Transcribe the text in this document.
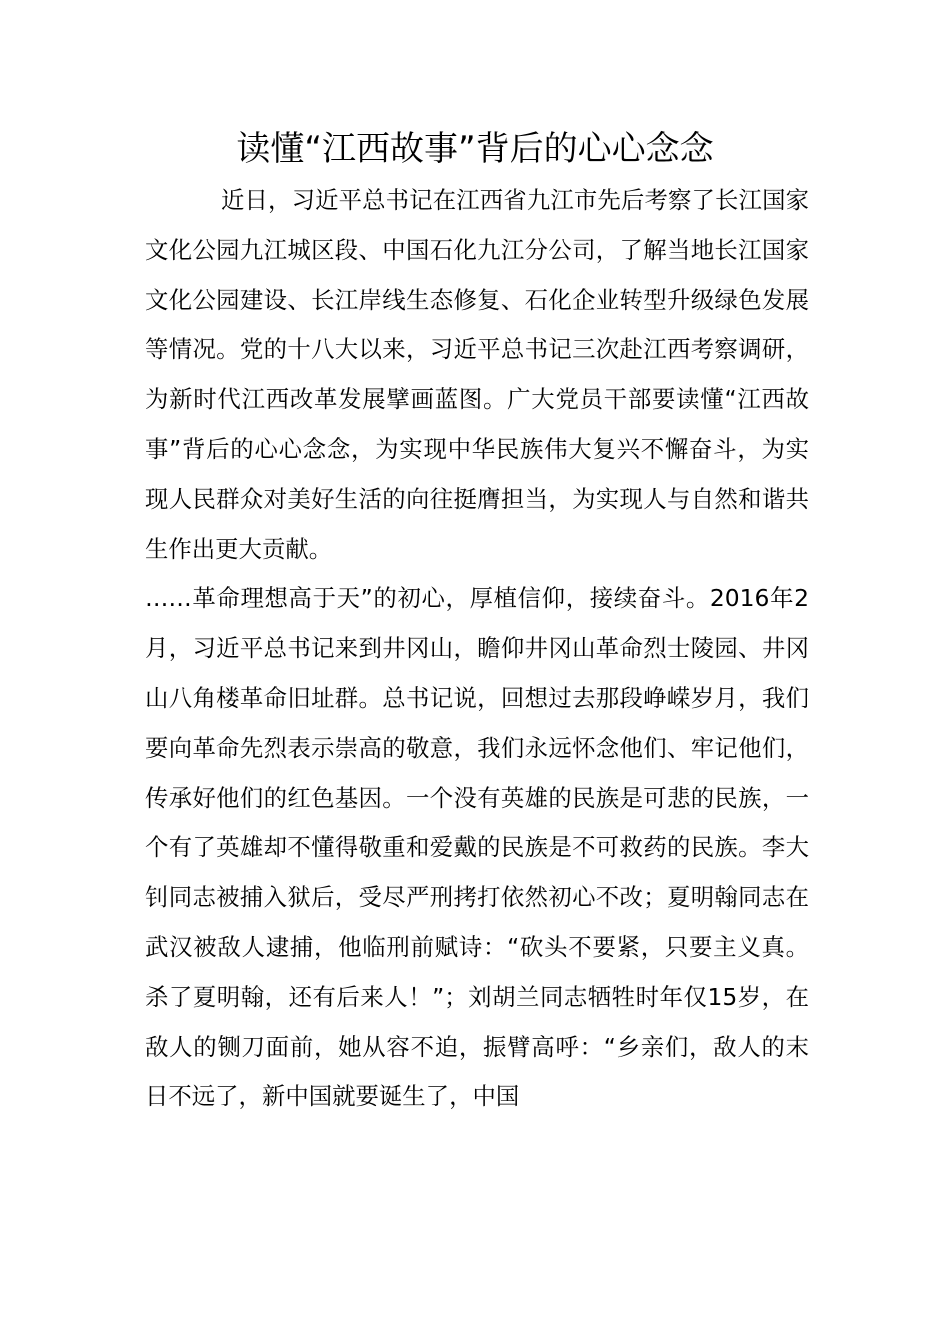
读懂“江西故事”背后的心心念念

近日，习近平总书记在江西省九江市先后考察了长江国家文化公园九江城区段、中国石化九江分公司，了解当地长江国家文化公园建设、长江岸线生态修复、石化企业转型升级绿色发展等情况。党的十八大以来，习近平总书记三次赴江西考察调研，为新时代江西改革发展擘画蓝图。广大党员干部要读懂“江西故事”背后的心心念念，为实现中华民族伟大复兴不懈奋斗，为实现人民群众对美好生活的向往挺膺担当，为实现人与自然和谐共生作出更大贡献。

……革命理想高于天”的初心，厚植信仰，接续奋斗。2016年2月，习近平总书记来到井冈山，瞻仰井冈山革命烈士陵园、井冈山八角楼革命旧址群。总书记说，回想过去那段峥嵘岁月，我们要向革命先烈表示崇高的敬意，我们永远怀念他们、牢记他们，传承好他们的红色基因。一个没有英雄的民族是可悲的民族，一个有了英雄却不懂得敬重和爱戴的民族是不可救药的民族。李大钊同志被捕入狱后，受尽严刑拷打依然初心不改；夏明翰同志在武汉被敌人逮捕，他临刑前赋诗：“砍头不要紧，只要主义真。杀了夏明翰，还有后来人！”；刘胡兰同志牺牲时年仅15岁，在敌人的铡刀面前，她从容不迫，振臂高呼：“乡亲们，敌人的末日不远了，新中国就要诞生了，中国
